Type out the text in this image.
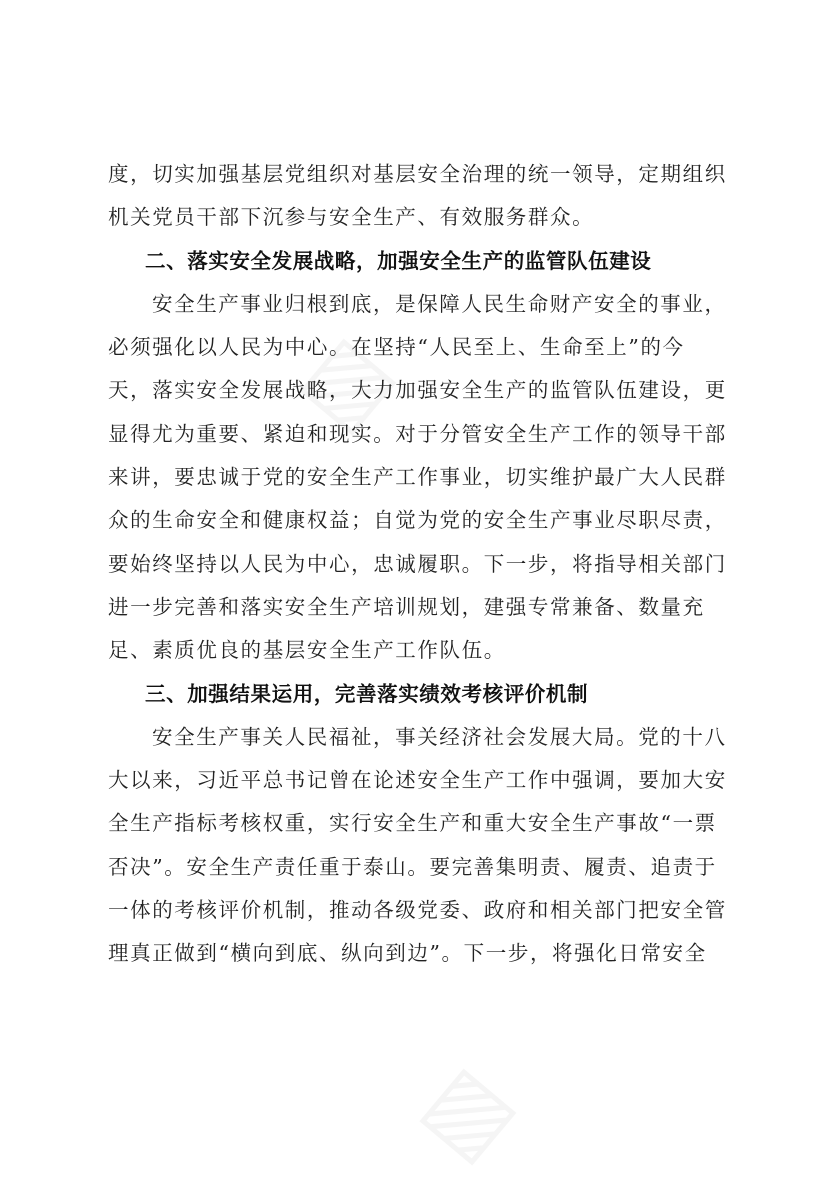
▧
▧
度，切实加强基层党组织对基层安全治理的统一领导，定期组织
机关党员干部下沉参与安全生产、有效服务群众。
二、落实安全发展战略，加强安全生产的监管队伍建设
安全生产事业归根到底，是保障人民生命财产安全的事业，
必须强化以人民为中心。在坚持“人民至上、生命至上”的今
天，落实安全发展战略，大力加强安全生产的监管队伍建设，更
显得尤为重要、紧迫和现实。对于分管安全生产工作的领导干部
来讲，要忠诚于党的安全生产工作事业，切实维护最广大人民群
众的生命安全和健康权益；自觉为党的安全生产事业尽职尽责，
要始终坚持以人民为中心，忠诚履职。下一步，将指导相关部门
进一步完善和落实安全生产培训规划，建强专常兼备、数量充
足、素质优良的基层安全生产工作队伍。
三、加强结果运用，完善落实绩效考核评价机制
安全生产事关人民福祉，事关经济社会发展大局。党的十八
大以来，习近平总书记曾在论述安全生产工作中强调，要加大安
全生产指标考核权重，实行安全生产和重大安全生产事故“一票
否决”。安全生产责任重于泰山。要完善集明责、履责、追责于
一体的考核评价机制，推动各级党委、政府和相关部门把安全管
理真正做到“横向到底、纵向到边”。下一步，将强化日常安全
